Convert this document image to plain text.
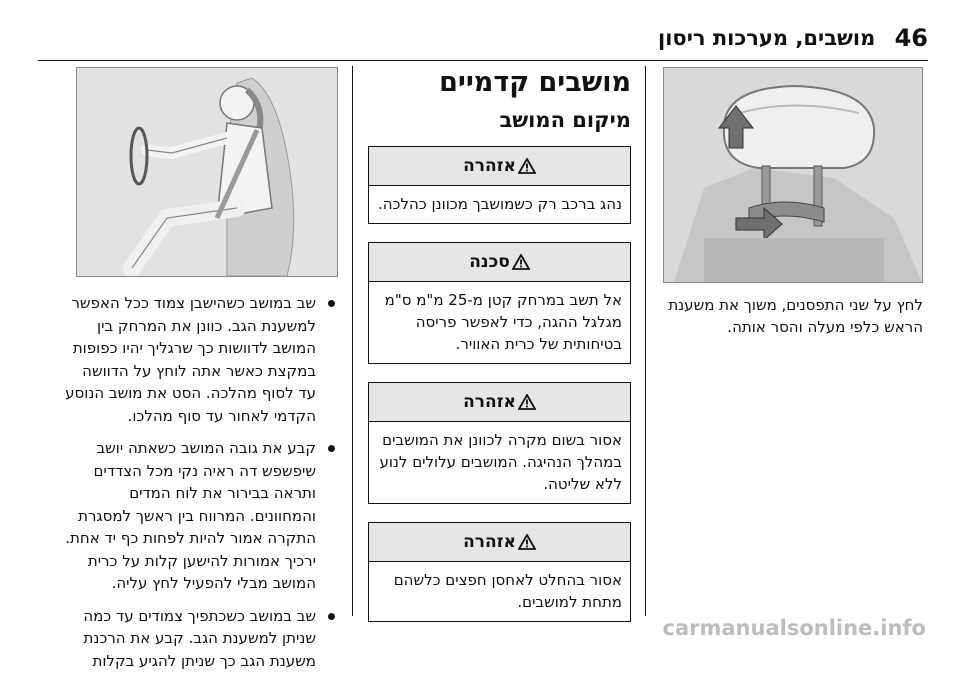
מושבים, מערכות ריסון 46
לחץ על שני התפסנים, משוך את משענת הראש כלפי מעלה והסר אותה.
מושבים קדמיים
מיקום המושב
אזהרה
נהג ברכב רק כשמושבך מכוונן כהלכה.
סכנה
אל תשב במרחק קטן מ-25 מ"מ ס"מ מגלגל ההגה, כדי לאפשר פריסה בטיחותית של כרית האוויר.
אזהרה
אסור בשום מקרה לכוונן את המושבים במהלך הנהיגה. המושבים עלולים לנוע ללא שליטה.
אזהרה
אסור בהחלט לאחסן חפצים כלשהם מתחת למושבים.
שב במושב כשהישבן צמוד ככל האפשר למשענת הגב. כוונן את המרחק בין המושב לדוושות כך שרגליך יהיו כפופות במקצת כאשר אתה לוחץ על הדוושה עד לסוף מהלכה. הסט את מושב הנוסע הקדמי לאחור עד סוף מהלכו.
קבע את גובה המושב כשאתה יושב שיפשפש דה ראיה נקי מכל הצדדים ותראה בבירור את לוח המדים והמחוונים. המרווח בין ראשך למסגרת התקרה אמור להיות לפחות כף יד אחת. ירכיך אמורות להישען קלות על כרית המושב מבלי להפעיל לחץ עליה.
שב במושב כשכתפיך צמודים עד כמה שניתן למשענת הגב. קבע את הרכנת משענת הגב כך שניתן להגיע בקלות
carmanualsonline.info
